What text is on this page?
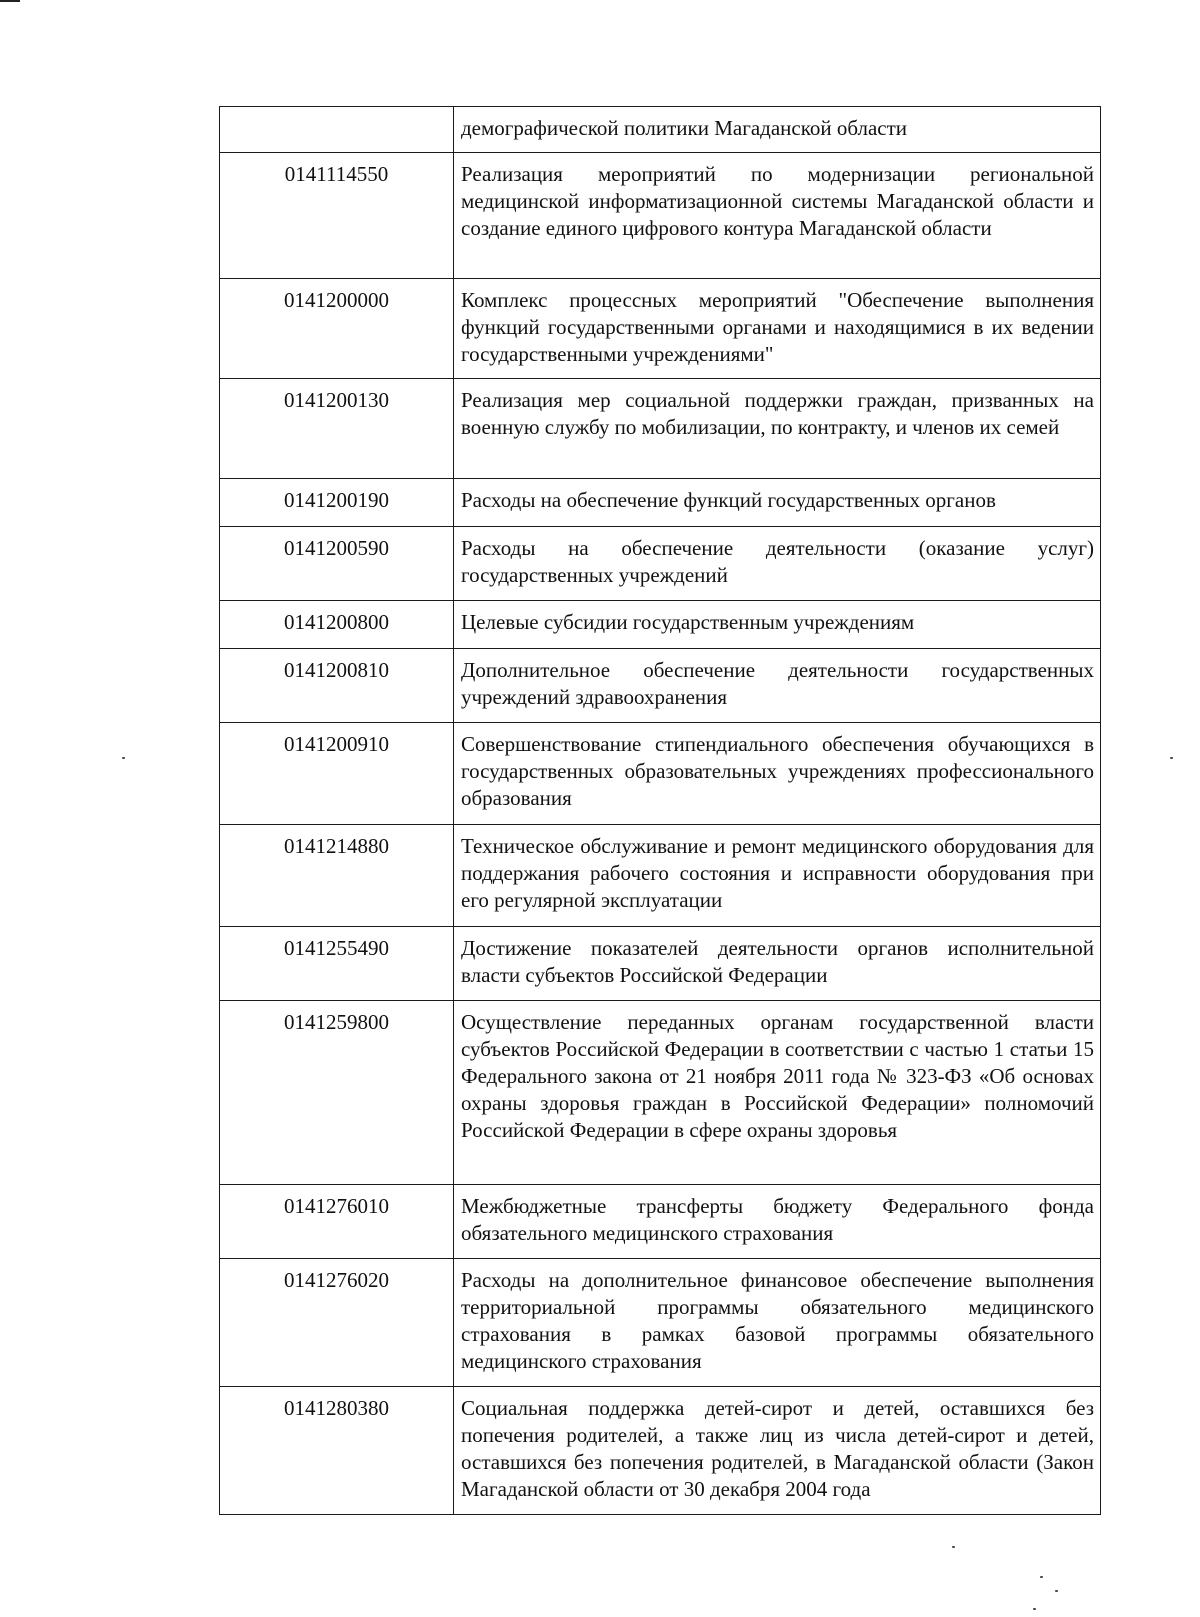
	демографической политики Магаданской области
0141114550	Реализация мероприятий по модернизации региональной медицинской информатизационной системы Магаданской области и создание единого цифрового контура Магаданской области
0141200000	Комплекс процессных мероприятий "Обеспечение выполнения функций государственными органами и находящимися в их ведении государственными учреждениями"
0141200130	Реализация мер социальной поддержки граждан, призванных на военную службу по мобилизации, по контракту, и членов их семей
0141200190	Расходы на обеспечение функций государственных органов
0141200590	Расходы на обеспечение деятельности (оказание услуг) государственных учреждений
0141200800	Целевые субсидии государственным учреждениям
0141200810	Дополнительное обеспечение деятельности государственных учреждений здравоохранения
0141200910	Совершенствование стипендиального обеспечения обучающихся в государственных образовательных учреждениях профессионального образования
0141214880	Техническое обслуживание и ремонт медицинского оборудования для поддержания рабочего состояния и исправности оборудования при его регулярной эксплуатации
0141255490	Достижение показателей деятельности органов исполнительной власти субъектов Российской Федерации
0141259800	Осуществление переданных органам государственной власти субъектов Российской Федерации в соответствии с частью 1 статьи 15 Федерального закона от 21 ноября 2011 года № 323-ФЗ «Об основах охраны здоровья граждан в Российской Федерации» полномочий Российской Федерации в сфере охраны здоровья
0141276010	Межбюджетные трансферты бюджету Федерального фонда обязательного медицинского страхования
0141276020	Расходы на дополнительное финансовое обеспечение выполнения территориальной программы обязательного медицинского страхования в рамках базовой программы обязательного медицинского страхования
0141280380	Социальная поддержка детей-сирот и детей, оставшихся без попечения родителей, а также лиц из числа детей-сирот и детей, оставшихся без попечения родителей, в Магаданской области (Закон Магаданской области от 30 декабря 2004 года
